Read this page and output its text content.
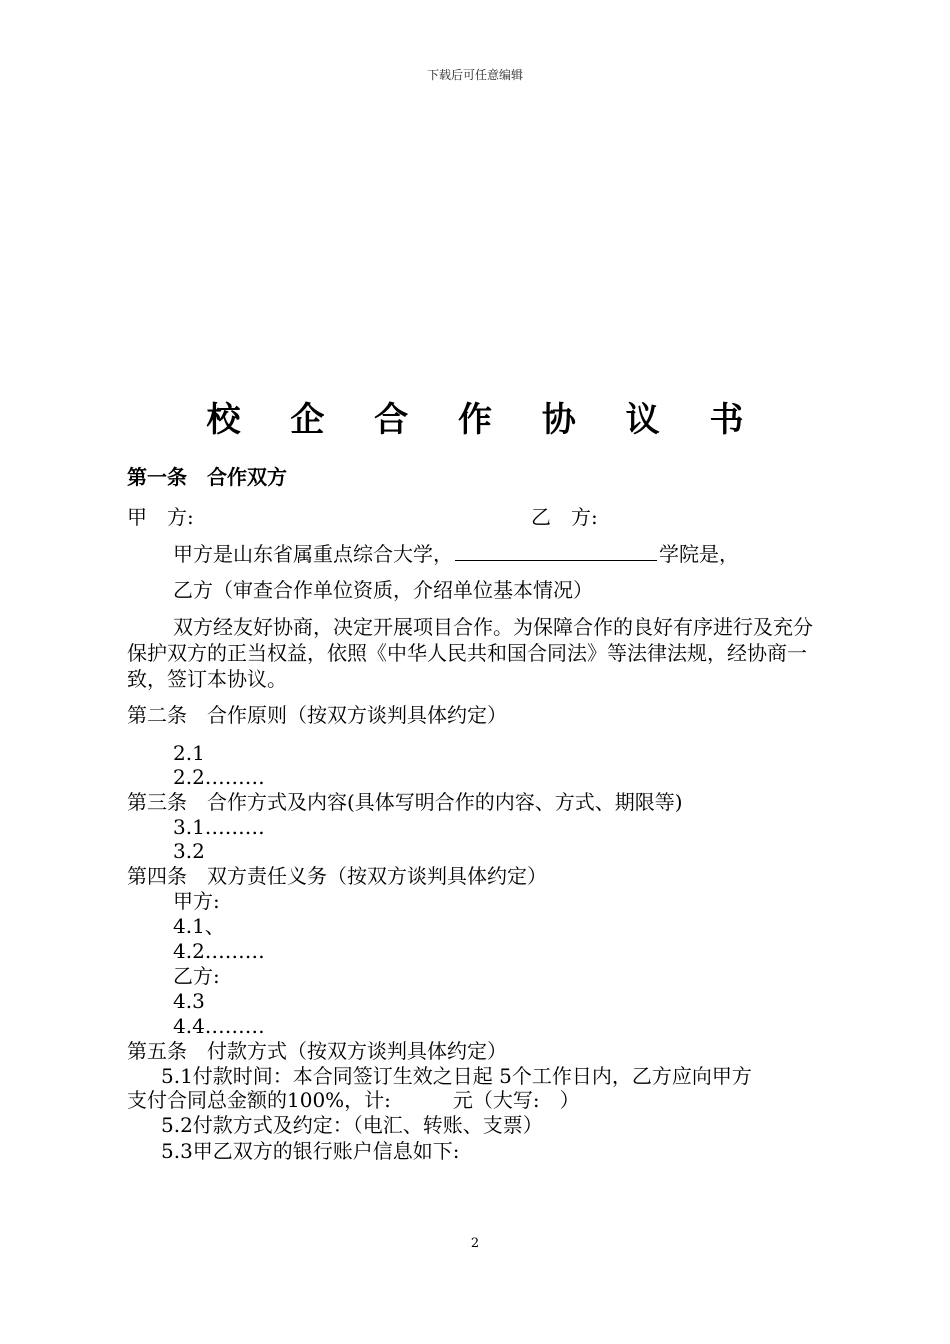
下载后可任意编辑
校 企 合 作 协 议 书
第一条　合作双方
甲　方:	乙　方:
甲方是山东省属重点综合大学，	学院是，
乙方（审查合作单位资质，介绍单位基本情况）
双方经友好协商，决定开展项目合作。为保障合作的良好有序进行及充分保护双方的正当权益，依照《中华人民共和国合同法》等法律法规，经协商一致，签订本协议。
第二条　合作原则（按双方谈判具体约定）
2.1
2.2………
第三条　合作方式及内容(具体写明合作的内容、方式、期限等)
3.1………
3.2
第四条　双方责任义务（按双方谈判具体约定）
甲方:
4.1、
4.2………
乙方:
4.3
4.4………
第五条　付款方式（按双方谈判具体约定）
5.1付款时间：本合同签订生效之日起 5个工作日内，乙方应向甲方
支付合同总金额的100%，计:	元（大写:　）
5.2付款方式及约定：（电汇、转账、支票）
5.3甲乙双方的银行账户信息如下:
2
